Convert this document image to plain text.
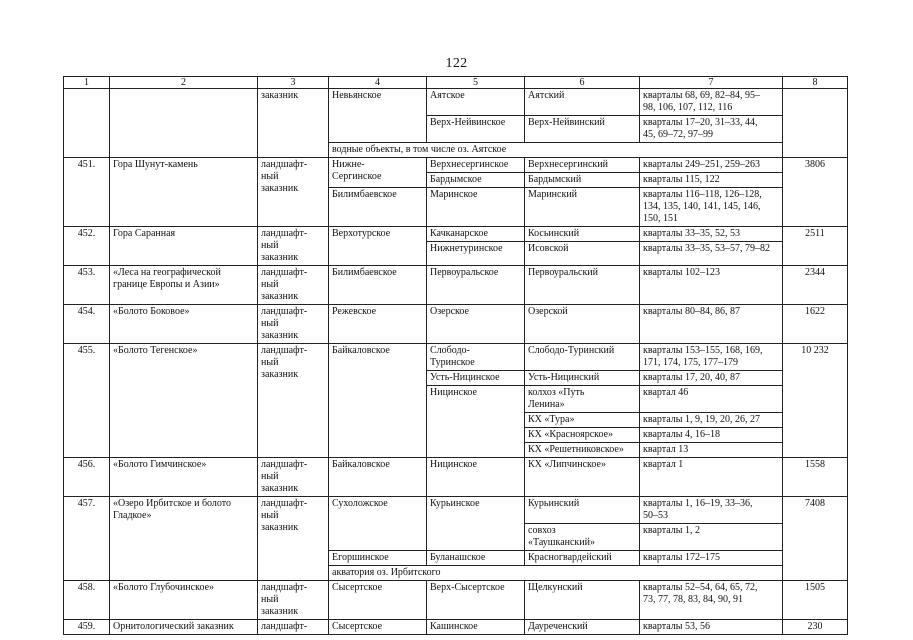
122
1	2	3	4	5	6	7	8
		заказник	Невьянское	Аятское	Аятский	кварталы 68, 69, 82–84, 95–
98, 106, 107, 112, 116	
				Верх-Нейвинское	Верх-Нейвинский	кварталы 17–20, 31–33, 44,
45, 69–72, 97–99	
			водные объекты, в том числе оз. Аятское				
451.	Гора Шунут-камень	ландшафт-
ный
заказник	Нижне-
Сергинское	Верхнесергинское	Верхнесергинский	кварталы 249–251, 259–263	3806
				Бардымское	Бардымский	кварталы 115, 122	
			Билимбаевское	Маринское	Маринский	кварталы 116–118, 126–128,
134, 135, 140, 141, 145, 146,
150, 151	
452.	Гора Саранная	ландшафт-
ный
заказник	Верхотурское	Качканарское	Косьинский	кварталы 33–35, 52, 53	2511
				Нижнетуринское	Исовской	кварталы 33–35, 53–57, 79–82	
453.	«Леса на географической
границе Европы и Азии»	ландшафт-
ный
заказник	Билимбаевское	Первоуральское	Первоуральский	кварталы 102–123	2344
454.	«Болото Боковое»	ландшафт-
ный
заказник	Режевское	Озерское	Озерской	кварталы 80–84, 86, 87	1622
455.	«Болото Тегенское»	ландшафт-
ный
заказник	Байкаловское	Слободо-
Туринское	Слободо-Туринский	кварталы 153–155, 168, 169,
171, 174, 175, 177–179	10 232
				Усть-Ницинское	Усть-Ницинский	кварталы 17, 20, 40, 87	
				Ницинское	колхоз «Путь
Ленина»	квартал 46	
					КХ «Тура»	кварталы 1, 9, 19, 20, 26, 27	
					КХ «Красноярское»	кварталы 4, 16–18	
					КХ «Решетниковское»	квартал 13	
456.	«Болото Гимчинское»	ландшафт-
ный
заказник	Байкаловское	Ницинское	КХ «Липчинское»	квартал 1	1558
457.	«Озеро Ирбитское и болото
Гладкое»	ландшафт-
ный
заказник	Сухоложское	Курьинское	Курьинский	кварталы 1, 16–19, 33–36,
50–53	7408
					совхоз
«Таушканский»	кварталы 1, 2	
			Егоршинское	Буланашское	Красногвардейский	кварталы 172–175	
			акватория оз. Ирбитского				
458.	«Болото Глубочинское»	ландшафт-
ный
заказник	Сысертское	Верх-Сысертское	Щелкунский	кварталы 52–54, 64, 65, 72,
73, 77, 78, 83, 84, 90, 91	1505
459.	Орнитологический заказник	ландшафт-	Сысертское	Кашинское	Дауреченский	кварталы 53, 56	230
